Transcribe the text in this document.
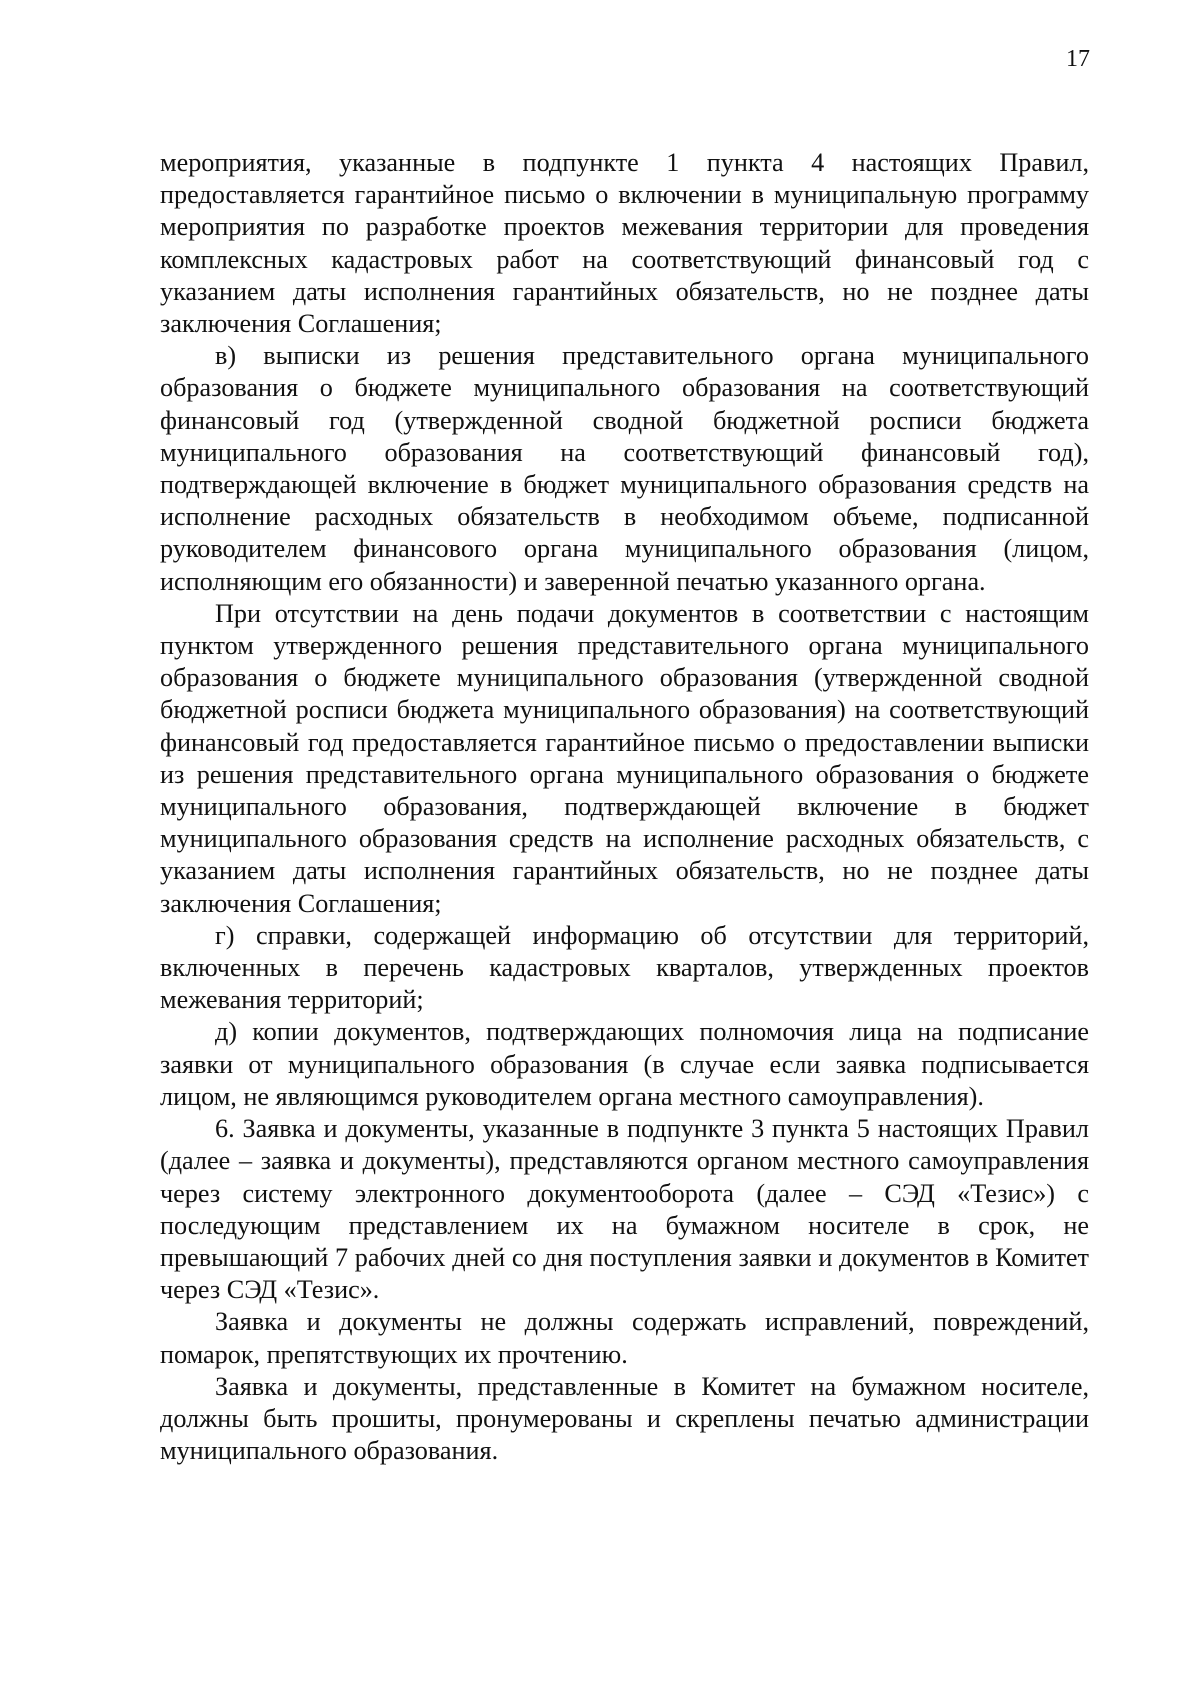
17

мероприятия, указанные в подпункте 1 пункта 4 настоящих Правил, предоставляется гарантийное письмо о включении в муниципальную программу мероприятия по разработке проектов межевания территории для проведения комплексных кадастровых работ на соответствующий финансовый год с указанием даты исполнения гарантийных обязательств, но не позднее даты заключения Соглашения;

в) выписки из решения представительного органа муниципального образования о бюджете муниципального образования на соответствующий финансовый год (утвержденной сводной бюджетной росписи бюджета муниципального образования на соответствующий финансовый год), подтверждающей включение в бюджет муниципального образования средств на исполнение расходных обязательств в необходимом объеме, подписанной руководителем финансового органа муниципального образования (лицом, исполняющим его обязанности) и заверенной печатью указанного органа.

При отсутствии на день подачи документов в соответствии с настоящим пунктом утвержденного решения представительного органа муниципального образования о бюджете муниципального образования (утвержденной сводной бюджетной росписи бюджета муниципального образования) на соответствующий финансовый год предоставляется гарантийное письмо о предоставлении выписки из решения представительного органа муниципального образования о бюджете муниципального образования, подтверждающей включение в бюджет муниципального образования средств на исполнение расходных обязательств, с указанием даты исполнения гарантийных обязательств, но не позднее даты заключения Соглашения;

г) справки, содержащей информацию об отсутствии для территорий, включенных в перечень кадастровых кварталов, утвержденных проектов межевания территорий;

д) копии документов, подтверждающих полномочия лица на подписание заявки от муниципального образования (в случае если заявка подписывается лицом, не являющимся руководителем органа местного самоуправления).

6. Заявка и документы, указанные в подпункте 3 пункта 5 настоящих Правил (далее – заявка и документы), представляются органом местного самоуправления через систему электронного документооборота (далее – СЭД «Тезис») с последующим представлением их на бумажном носителе в срок, не превышающий 7 рабочих дней со дня поступления заявки и документов в Комитет через СЭД «Тезис».

Заявка и документы не должны содержать исправлений, повреждений, помарок, препятствующих их прочтению.

Заявка и документы, представленные в Комитет на бумажном носителе, должны быть прошиты, пронумерованы и скреплены печатью администрации муниципального образования.
